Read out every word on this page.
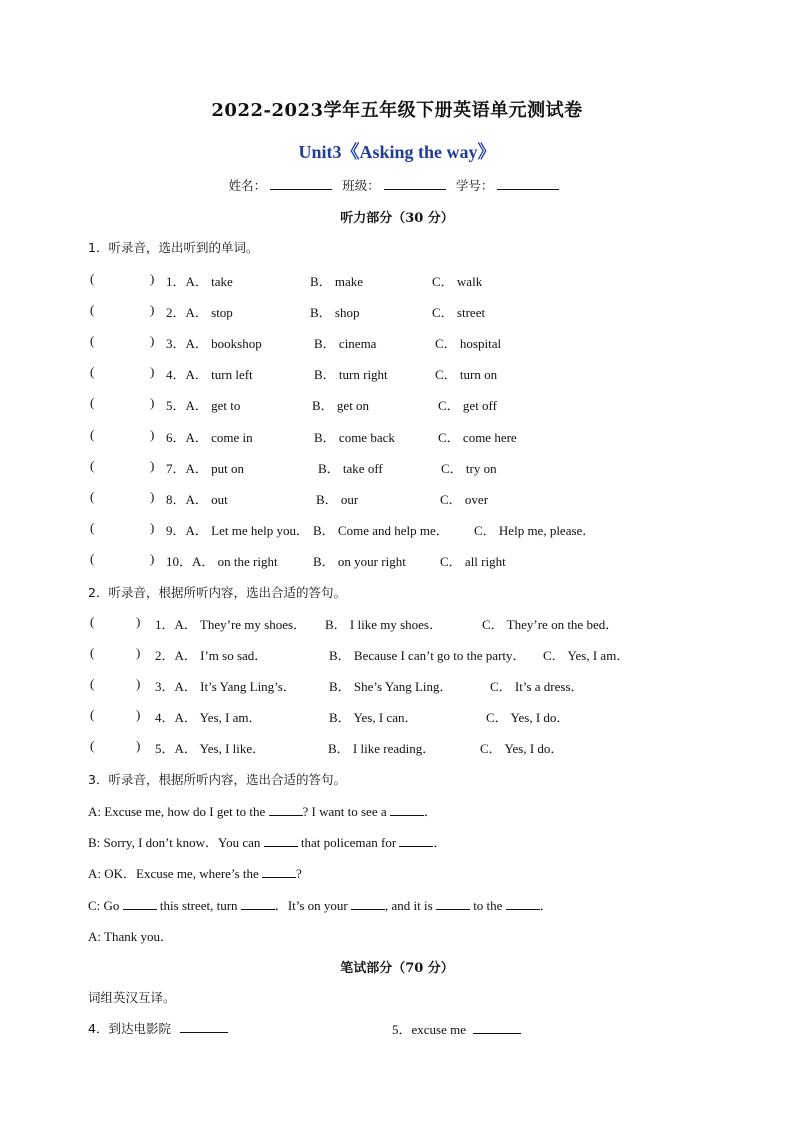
2022-2023学年五年级下册英语单元测试卷
Unit3《Asking the way》
姓名：	班级：	学号：
听力部分（30 分）
1．听录音，选出听到的单词。
(	) 1．A． take	B． make	C． walk
(	) 2．A． stop	B． shop	C． street
(	) 3．A． bookshop	B． cinema	C． hospital
(	) 4．A． turn left	B． turn right	C． turn on
(	) 5．A． get to	B． get on	C． get off
(	) 6．A． come in	B． come back	C． come here
(	) 7．A． put on	B． take off	C． try on
(	) 8．A． out	B． our	C． over
(	) 9．A． Let me help you． B． Come and help me． C． Help me, please．
(	) 10．A． on the right	B． on your right	C． all right
2．听录音，根据所听内容，选出合适的答句。
(	) 1．A． They’re my shoes． B． I like my shoes．	C． They’re on the bed．
(	) 2．A． I’m so sad．	B． Because I can’t go to the party． C． Yes, I am．
(	) 3．A． It’s Yang Ling’s．	B． She’s Yang Ling．	C． It’s a dress．
(	) 4．A． Yes, I am．	B． Yes, I can．	C． Yes, I do．
(	) 5．A． Yes, I like．	B． I like reading．	C． Yes, I do．
3．听录音，根据所听内容，选出合适的答句。
A: Excuse me, how do I get to the	? I want to see a	．
B: Sorry, I don’t know．You can	that policeman for	．
A: OK．Excuse me, where’s the	?
C: Go	this street, turn	．It’s on your	, and it is	to the	．
A: Thank you．
笔试部分（70 分）
词组英汉互译。
4．到达电影院	5．excuse me
